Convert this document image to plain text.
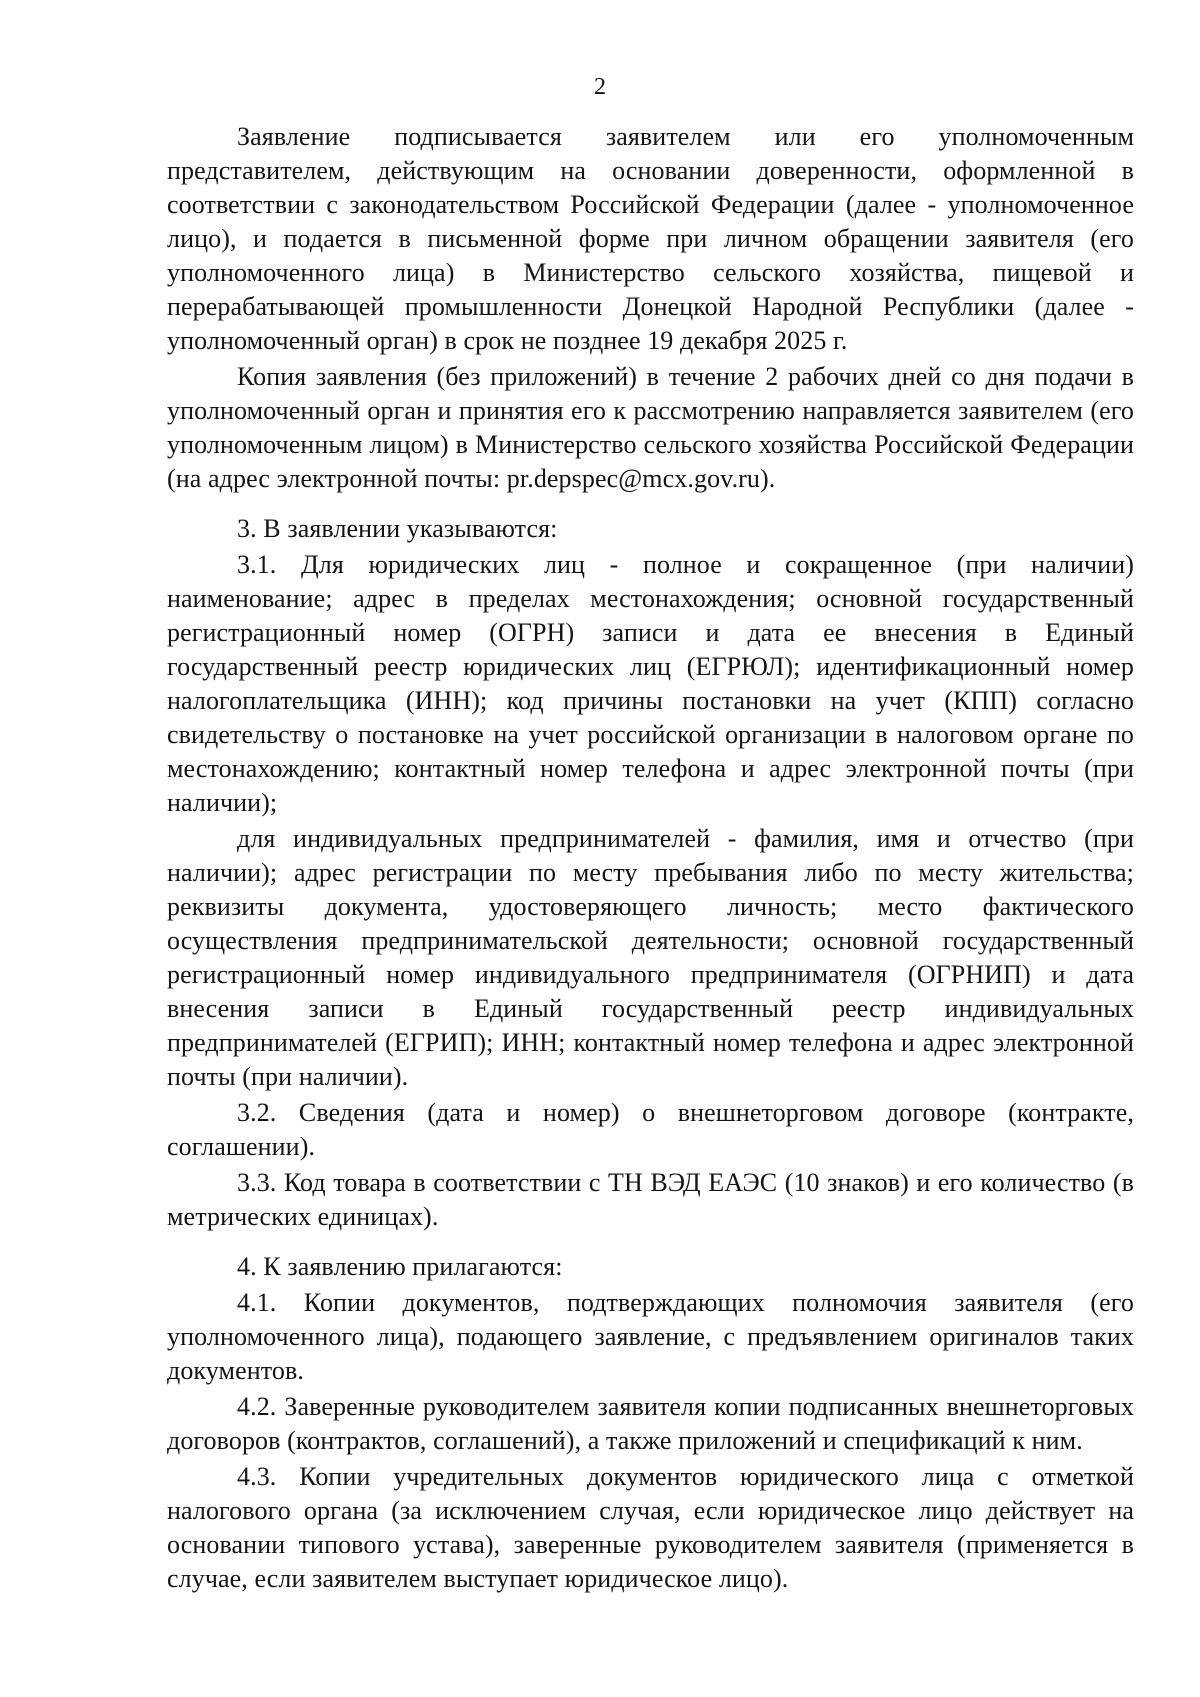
2

Заявление подписывается заявителем или его уполномоченным представителем, действующим на основании доверенности, оформленной в соответствии с законодательством Российской Федерации (далее - уполномоченное лицо), и подается в письменной форме при личном обращении заявителя (его уполномоченного лица) в Министерство сельского хозяйства, пищевой и перерабатывающей промышленности Донецкой Народной Республики (далее - уполномоченный орган) в срок не позднее 19 декабря 2025 г.

Копия заявления (без приложений) в течение 2 рабочих дней со дня подачи в уполномоченный орган и принятия его к рассмотрению направляется заявителем (его уполномоченным лицом) в Министерство сельского хозяйства Российской Федерации (на адрес электронной почты: pr.depspec@mcx.gov.ru).

3. В заявлении указываются:

3.1. Для юридических лиц - полное и сокращенное (при наличии) наименование; адрес в пределах местонахождения; основной государственный регистрационный номер (ОГРН) записи и дата ее внесения в Единый государственный реестр юридических лиц (ЕГРЮЛ); идентификационный номер налогоплательщика (ИНН); код причины постановки на учет (КПП) согласно свидетельству о постановке на учет российской организации в налоговом органе по местонахождению; контактный номер телефона и адрес электронной почты (при наличии);

для индивидуальных предпринимателей - фамилия, имя и отчество (при наличии); адрес регистрации по месту пребывания либо по месту жительства; реквизиты документа, удостоверяющего личность; место фактического осуществления предпринимательской деятельности; основной государственный регистрационный номер индивидуального предпринимателя (ОГРНИП) и дата внесения записи в Единый государственный реестр индивидуальных предпринимателей (ЕГРИП); ИНН; контактный номер телефона и адрес электронной почты (при наличии).

3.2. Сведения (дата и номер) о внешнеторговом договоре (контракте, соглашении).

3.3. Код товара в соответствии с ТН ВЭД ЕАЭС (10 знаков) и его количество (в метрических единицах).

4. К заявлению прилагаются:

4.1. Копии документов, подтверждающих полномочия заявителя (его уполномоченного лица), подающего заявление, с предъявлением оригиналов таких документов.

4.2. Заверенные руководителем заявителя копии подписанных внешнеторговых договоров (контрактов, соглашений), а также приложений и спецификаций к ним.

4.3. Копии учредительных документов юридического лица с отметкой налогового органа (за исключением случая, если юридическое лицо действует на основании типового устава), заверенные руководителем заявителя (применяется в случае, если заявителем выступает юридическое лицо).
